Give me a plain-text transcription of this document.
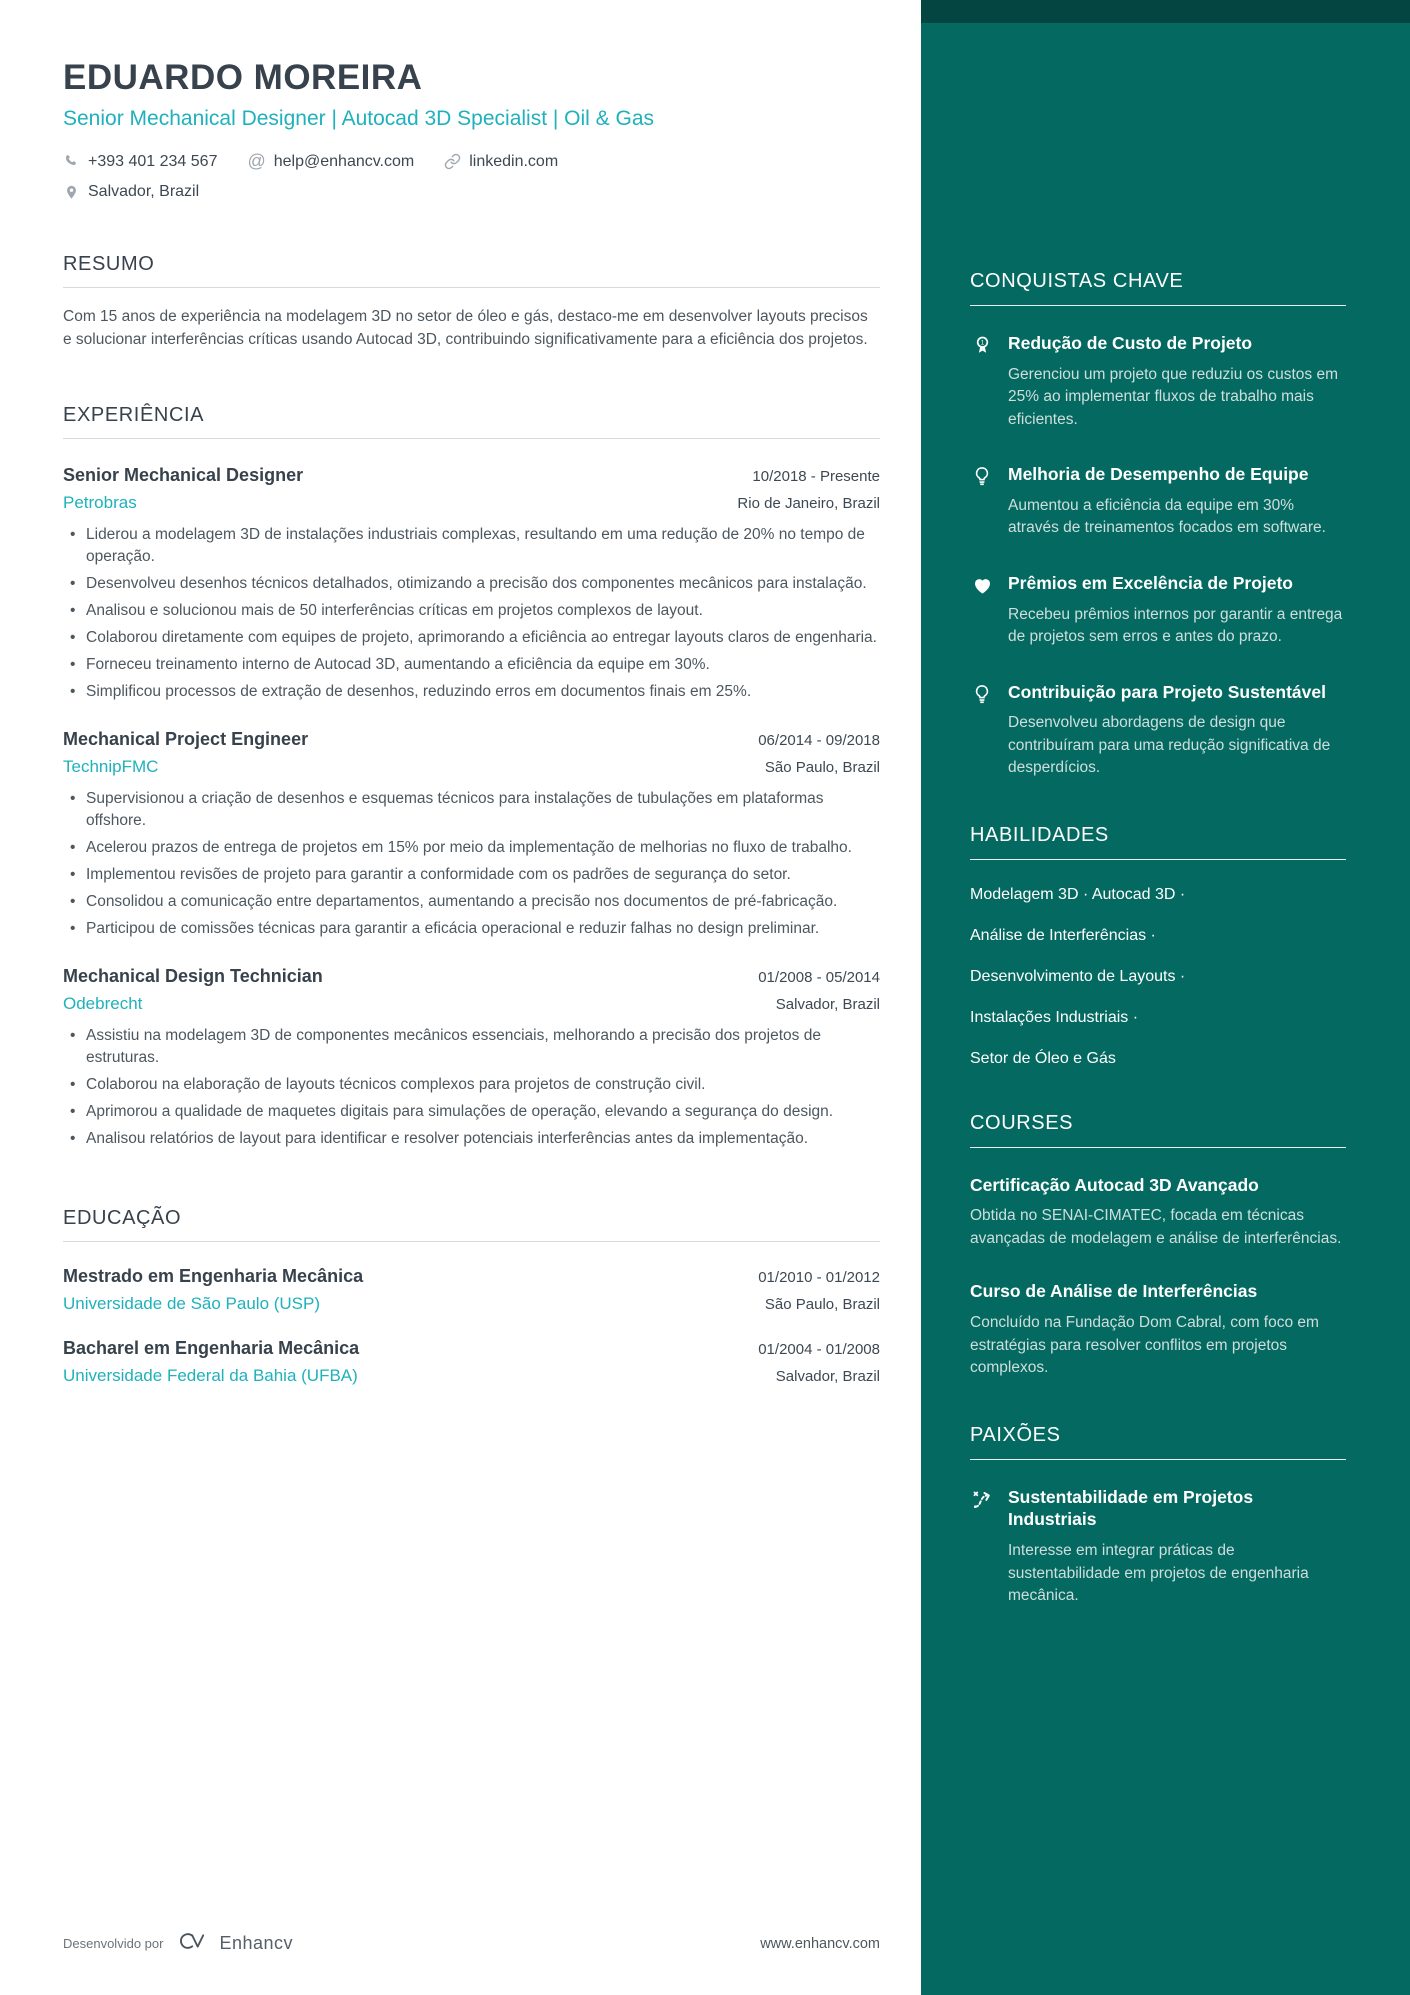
EDUARDO MOREIRA
Senior Mechanical Designer | Autocad 3D Specialist | Oil & Gas
+393 401 234 567 @ help@enhancv.com	linkedin.com
Salvador, Brazil
RESUMO
Com 15 anos de experiência na modelagem 3D no setor de óleo e gás, destaco-me em desenvolver layouts precisos e solucionar interferências críticas usando Autocad 3D, contribuindo significativamente para a eficiência dos projetos.
EXPERIÊNCIA
Senior Mechanical Designer	10/2018 - Presente
Petrobras	Rio de Janeiro, Brazil
• Liderou a modelagem 3D de instalações industriais complexas, resultando em uma redução de 20% no tempo de operação.
• Desenvolveu desenhos técnicos detalhados, otimizando a precisão dos componentes mecânicos para instalação.
• Analisou e solucionou mais de 50 interferências críticas em projetos complexos de layout.
• Colaborou diretamente com equipes de projeto, aprimorando a eficiência ao entregar layouts claros de engenharia.
• Forneceu treinamento interno de Autocad 3D, aumentando a eficiência da equipe em 30%.
• Simplificou processos de extração de desenhos, reduzindo erros em documentos finais em 25%.
Mechanical Project Engineer	06/2014 - 09/2018
TechnipFMC	São Paulo, Brazil
• Supervisionou a criação de desenhos e esquemas técnicos para instalações de tubulações em plataformas offshore.
• Acelerou prazos de entrega de projetos em 15% por meio da implementação de melhorias no fluxo de trabalho.
• Implementou revisões de projeto para garantir a conformidade com os padrões de segurança do setor.
• Consolidou a comunicação entre departamentos, aumentando a precisão nos documentos de pré-fabricação.
• Participou de comissões técnicas para garantir a eficácia operacional e reduzir falhas no design preliminar.
Mechanical Design Technician	01/2008 - 05/2014
Odebrecht	Salvador, Brazil
• Assistiu na modelagem 3D de componentes mecânicos essenciais, melhorando a precisão dos projetos de estruturas.
• Colaborou na elaboração de layouts técnicos complexos para projetos de construção civil.
• Aprimorou a qualidade de maquetes digitais para simulações de operação, elevando a segurança do design.
• Analisou relatórios de layout para identificar e resolver potenciais interferências antes da implementação.
EDUCAÇÃO
Mestrado em Engenharia Mecânica	01/2010 - 01/2012
Universidade de São Paulo (USP)	São Paulo, Brazil
Bacharel em Engenharia Mecânica	01/2004 - 01/2008
Universidade Federal da Bahia (UFBA)	Salvador, Brazil
Desenvolvido por	Enhancv	www.enhancv.com
CONQUISTAS CHAVE
1 Redução de Custo de Projeto
Gerenciou um projeto que reduziu os custos em 25% ao implementar fluxos de trabalho mais eficientes.
Melhoria de Desempenho de Equipe
Aumentou a eficiência da equipe em 30% através de treinamentos focados em software.
Prêmios em Excelência de Projeto
Recebeu prêmios internos por garantir a entrega de projetos sem erros e antes do prazo.
Contribuição para Projeto Sustentável
Desenvolveu abordagens de design que contribuíram para uma redução significativa de desperdícios.
HABILIDADES
Modelagem 3D · Autocad 3D ·
Análise de Interferências ·
Desenvolvimento de Layouts ·
Instalações Industriais ·
Setor de Óleo e Gás
COURSES
Certificação Autocad 3D Avançado
Obtida no SENAI-CIMATEC, focada em técnicas avançadas de modelagem e análise de interferências.
Curso de Análise de Interferências
Concluído na Fundação Dom Cabral, com foco em estratégias para resolver conflitos em projetos complexos.
PAIXÕES
Sustentabilidade em Projetos Industriais
Interesse em integrar práticas de sustentabilidade em projetos de engenharia mecânica.
